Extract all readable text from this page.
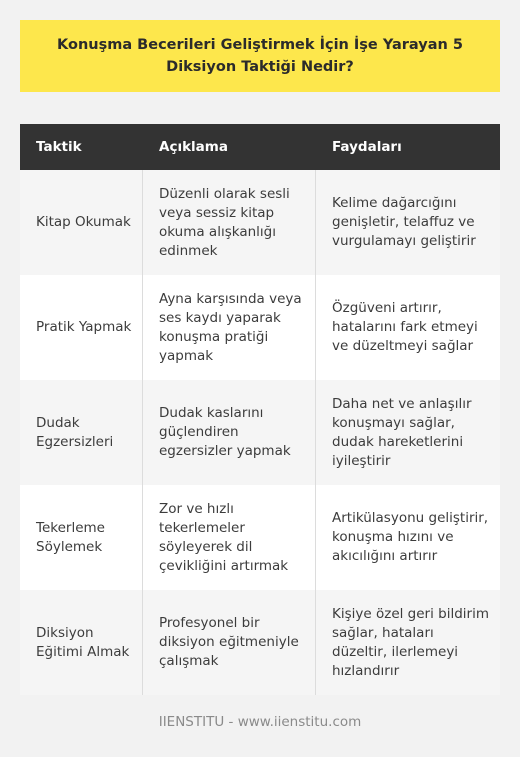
Konuşma Becerileri Geliştirmek İçin İşe Yarayan 5 Diksiyon Taktiği Nedir?
Taktik	Açıklama	Faydaları
Kitap Okumak
Düzenli olarak sesli veya sessiz kitap okuma alışkanlığı edinmek
Kelime dağarcığını genişletir, telaffuz ve vurgulamayı geliştirir
Pratik Yapmak
Ayna karşısında veya ses kaydı yaparak konuşma pratiği yapmak
Özgüveni artırır, hatalarını fark etmeyi ve düzeltmeyi sağlar
Dudak Egzersizleri
Dudak kaslarını güçlendiren egzersizler yapmak
Daha net ve anlaşılır konuşmayı sağlar, dudak hareketlerini iyileştirir
Tekerleme Söylemek
Zor ve hızlı tekerlemeler söyleyerek dil çevikliğini artırmak
Artikülasyonu geliştirir, konuşma hızını ve akıcılığını artırır
Diksiyon Eğitimi Almak
Profesyonel bir diksiyon eğitmeniyle çalışmak
Kişiye özel geri bildirim sağlar, hataları düzeltir, ilerlemeyi hızlandırır
IIENSTITU - www.iienstitu.com
